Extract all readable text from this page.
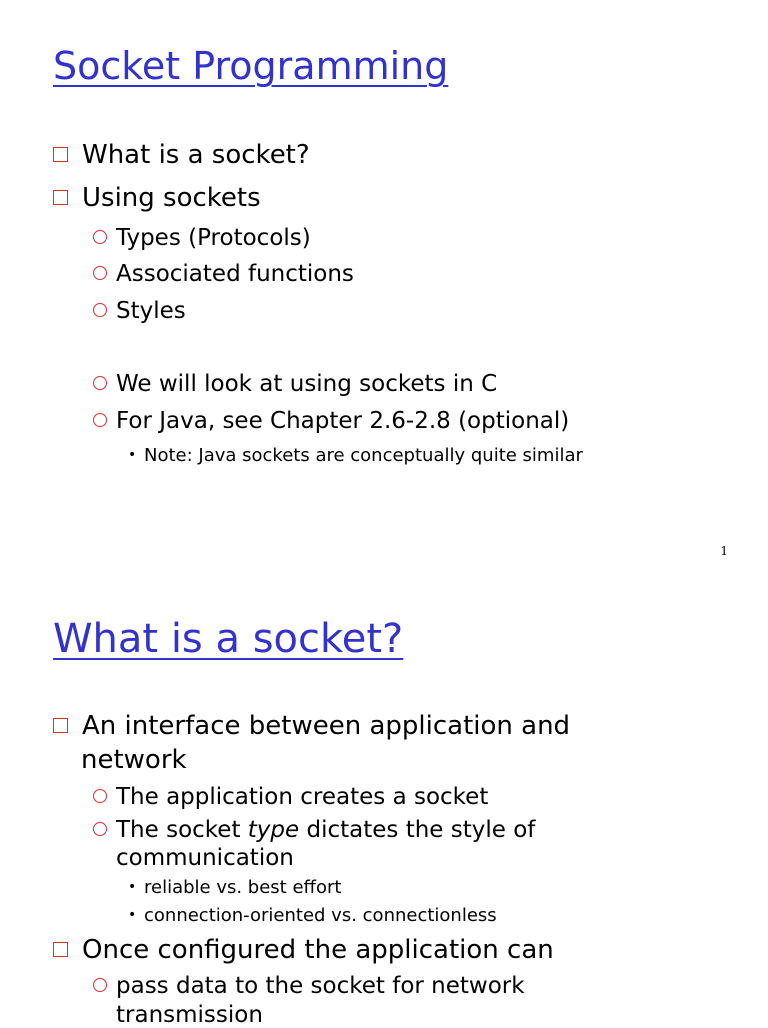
Socket Programming
What is a socket?
Using sockets
Types (Protocols)
Associated functions
Styles
We will look at using sockets in C
For Java, see Chapter 2.6-2.8 (optional)
• Note: Java sockets are conceptually quite similar
1
What is a socket?
An interface between application and
network
The application creates a socket
The socket type dictates the style of
communication
• reliable vs. best effort
• connection-oriented vs. connectionless
Once configured the application can
pass data to the socket for network
transmission
